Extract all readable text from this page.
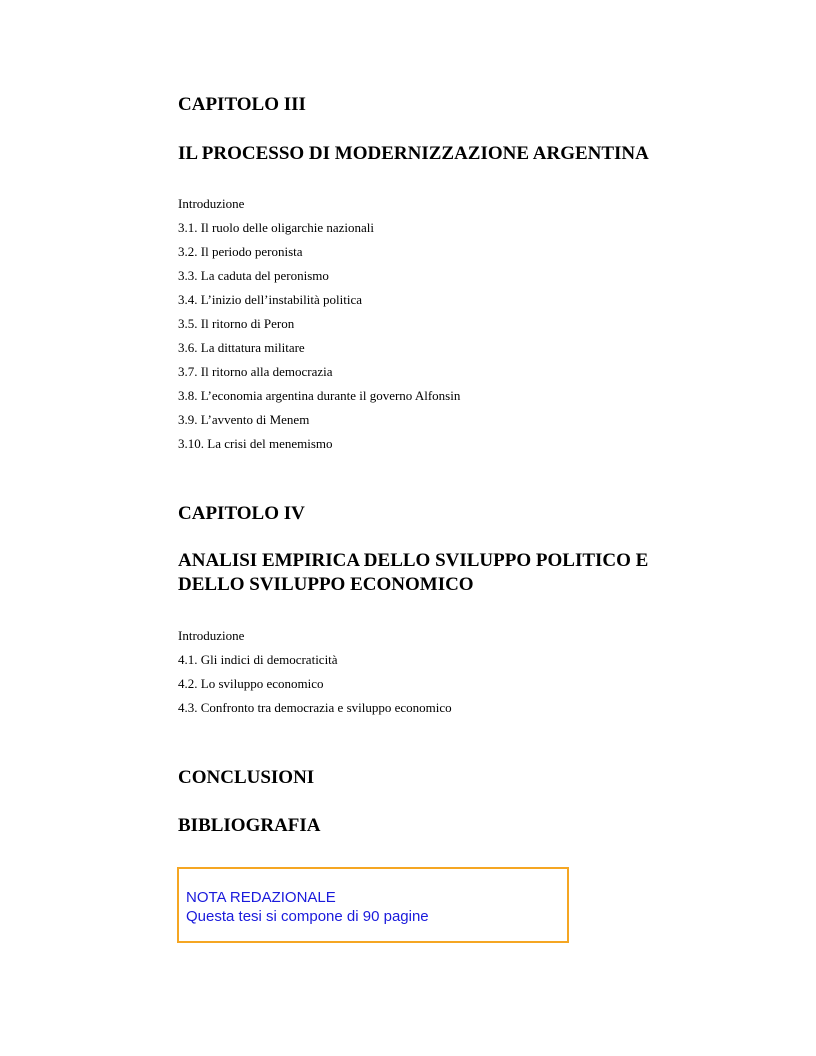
CAPITOLO III
IL PROCESSO DI MODERNIZZAZIONE ARGENTINA
Introduzione
3.1. Il ruolo delle oligarchie nazionali
3.2. Il periodo peronista
3.3. La caduta del peronismo
3.4. L’inizio dell’instabilità politica
3.5. Il ritorno di Peron
3.6. La dittatura militare
3.7. Il ritorno alla democrazia
3.8. L’economia argentina durante il governo Alfonsin
3.9. L’avvento di Menem
3.10. La crisi del menemismo
CAPITOLO IV
ANALISI EMPIRICA DELLO SVILUPPO POLITICO E
DELLO SVILUPPO ECONOMICO
Introduzione
4.1. Gli indici di democraticità
4.2. Lo sviluppo economico
4.3. Confronto tra democrazia e sviluppo economico
CONCLUSIONI
BIBLIOGRAFIA
NOTA REDAZIONALE
Questa tesi si compone di 90 pagine
